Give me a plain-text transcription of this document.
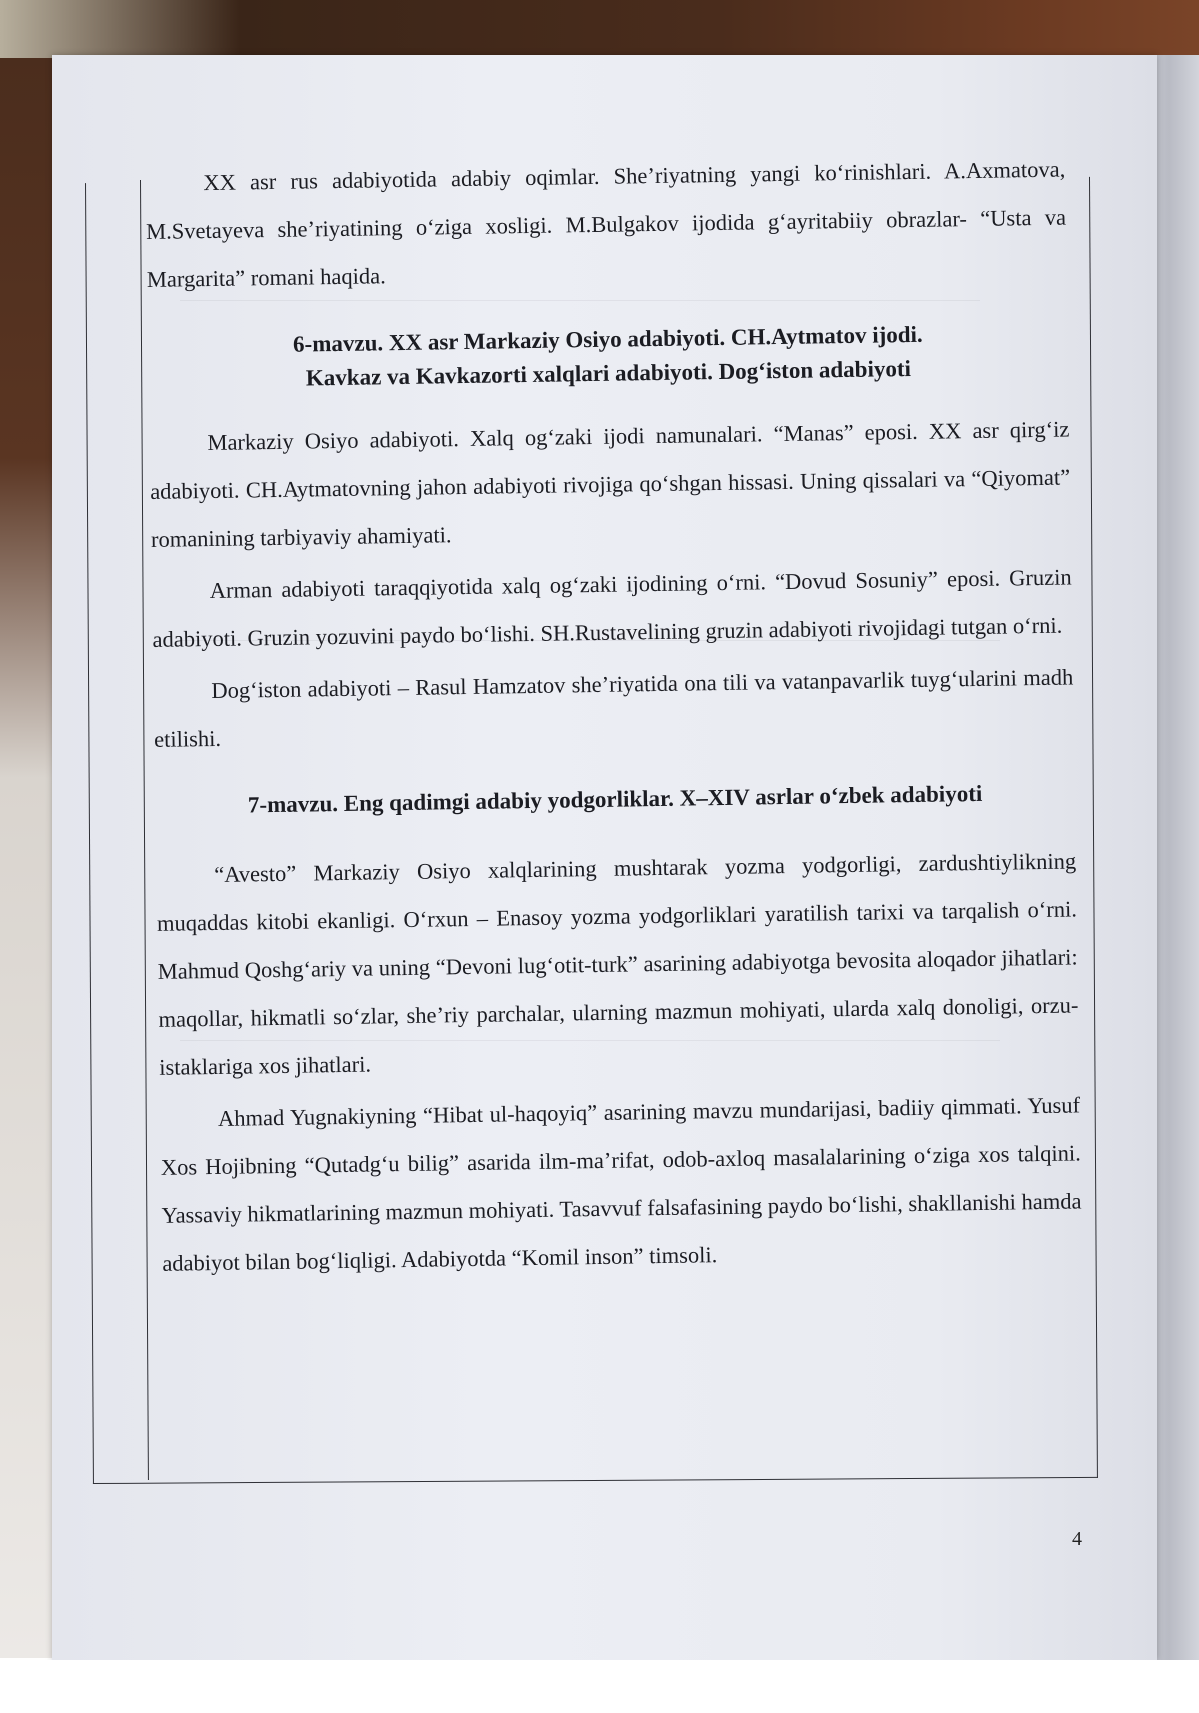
XX asr rus adabiyotida adabiy oqimlar. She’riyatning yangi ko‘rinishlari. A.Axmatova, M.Svetayeva she’riyatining o‘ziga xosligi. M.Bulgakov ijodida g‘ayritabiiy obrazlar- “Usta va Margarita” romani haqida.

6-mavzu. XX asr Markaziy Osiyo adabiyoti. CH.Aytmatov ijodi.
Kavkaz va Kavkazorti xalqlari adabiyoti. Dog‘iston adabiyoti

Markaziy Osiyo adabiyoti. Xalq og‘zaki ijodi namunalari. “Manas” eposi. XX asr qirg‘iz adabiyoti. CH.Aytmatovning jahon adabiyoti rivojiga qo‘shgan hissasi. Uning qissalari va “Qiyomat” romanining tarbiyaviy ahamiyati.

Arman adabiyoti taraqqiyotida xalq og‘zaki ijodining o‘rni. “Dovud Sosuniy” eposi. Gruzin adabiyoti. Gruzin yozuvini paydo bo‘lishi. SH.Rustavelining gruzin adabiyoti rivojidagi tutgan o‘rni.

Dog‘iston adabiyoti – Rasul Hamzatov she’riyatida ona tili va vatanpavarlik tuyg‘ularini madh etilishi.

7-mavzu. Eng qadimgi adabiy yodgorliklar. X–XIV asrlar o‘zbek adabiyoti

“Avesto” Markaziy Osiyo xalqlarining mushtarak yozma yodgorligi, zardushtiylikning muqaddas kitobi ekanligi. O‘rxun – Enasoy yozma yodgorliklari yaratilish tarixi va tarqalish o‘rni. Mahmud Qoshg‘ariy va uning “Devoni lug‘otit-turk” asarining adabiyotga bevosita aloqador jihatlari: maqollar, hikmatli so‘zlar, she’riy parchalar, ularning mazmun mohiyati, ularda xalq donoligi, orzu-istaklariga xos jihatlari.

Ahmad Yugnakiyning “Hibat ul-haqoyiq” asarining mavzu mundarijasi, badiiy qimmati. Yusuf Xos Hojibning “Qutadg‘u bilig” asarida ilm-ma’rifat, odob-axloq masalalarining o‘ziga xos talqini. Yassaviy hikmatlarining mazmun mohiyati. Tasavvuf falsafasining paydo bo‘lishi, shakllanishi hamda adabiyot bilan bog‘liqligi. Adabiyotda “Komil inson” timsoli.

4
